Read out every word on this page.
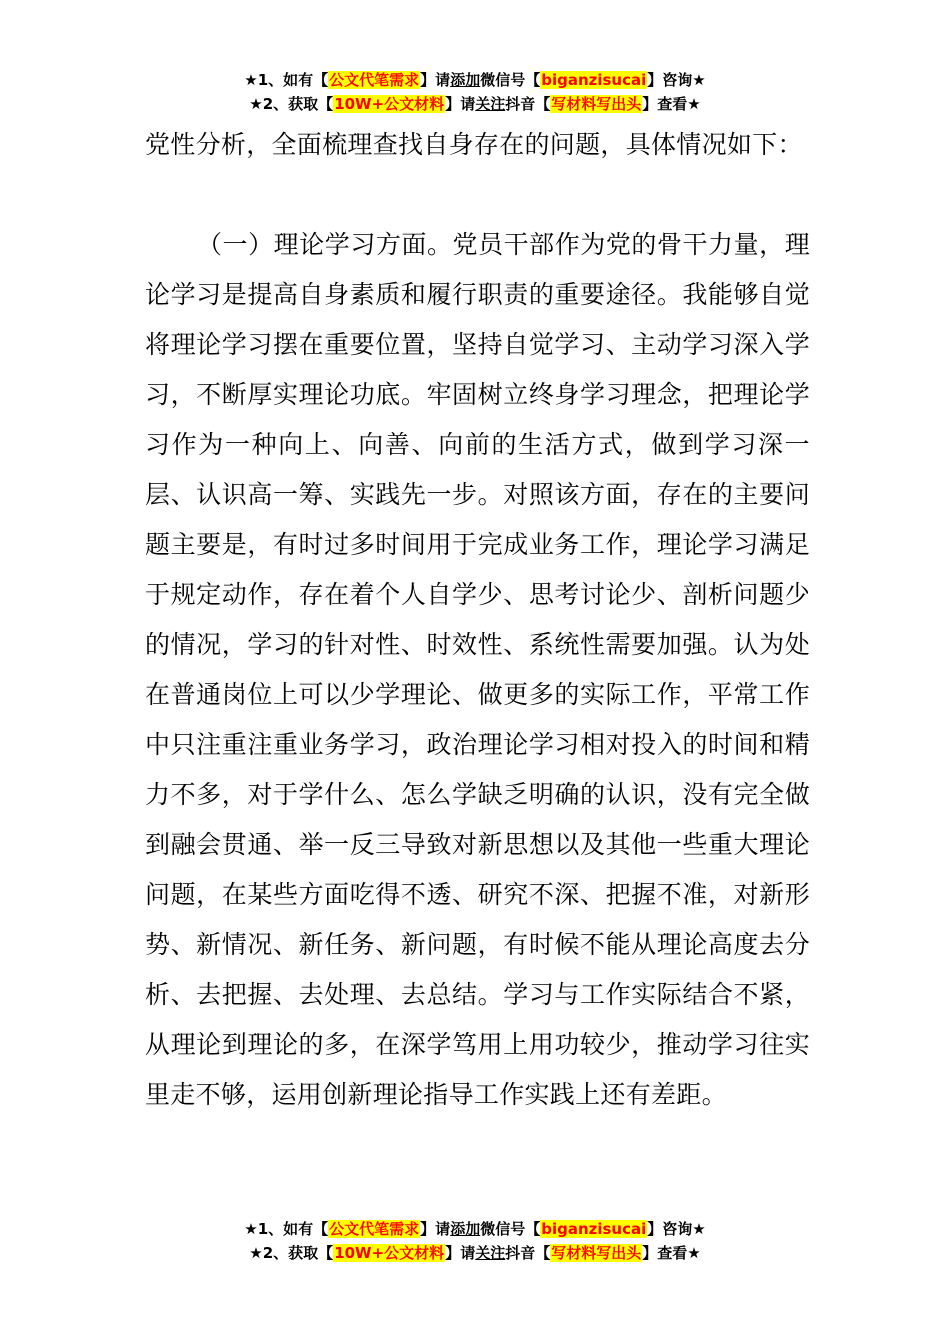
★1、如有【公文代笔需求】请添加微信号【biganzisucai】咨询★
★2、获取【10W+公文材料】请关注抖音【写材料写出头】查看★
党性分析，全面梳理查找自身存在的问题，具体情况如下：
（一）理论学习方面。党员干部作为党的骨干力量，理论学习是提高自身素质和履行职责的重要途径。我能够自觉将理论学习摆在重要位置，坚持自觉学习、主动学习深入学习，不断厚实理论功底。牢固树立终身学习理念，把理论学习作为一种向上、向善、向前的生活方式，做到学习深一层、认识高一筹、实践先一步。对照该方面，存在的主要问题主要是，有时过多时间用于完成业务工作，理论学习满足于规定动作，存在着个人自学少、思考讨论少、剖析问题少的情况，学习的针对性、时效性、系统性需要加强。认为处在普通岗位上可以少学理论、做更多的实际工作，平常工作中只注重注重业务学习，政治理论学习相对投入的时间和精力不多，对于学什么、怎么学缺乏明确的认识，没有完全做到融会贯通、举一反三导致对新思想以及其他一些重大理论问题，在某些方面吃得不透、研究不深、把握不准，对新形势、新情况、新任务、新问题，有时候不能从理论高度去分析、去把握、去处理、去总结。学习与工作实际结合不紧，从理论到理论的多，在深学笃用上用功较少，推动学习往实里走不够，运用创新理论指导工作实践上还有差距。
★1、如有【公文代笔需求】请添加微信号【biganzisucai】咨询★
★2、获取【10W+公文材料】请关注抖音【写材料写出头】查看★
